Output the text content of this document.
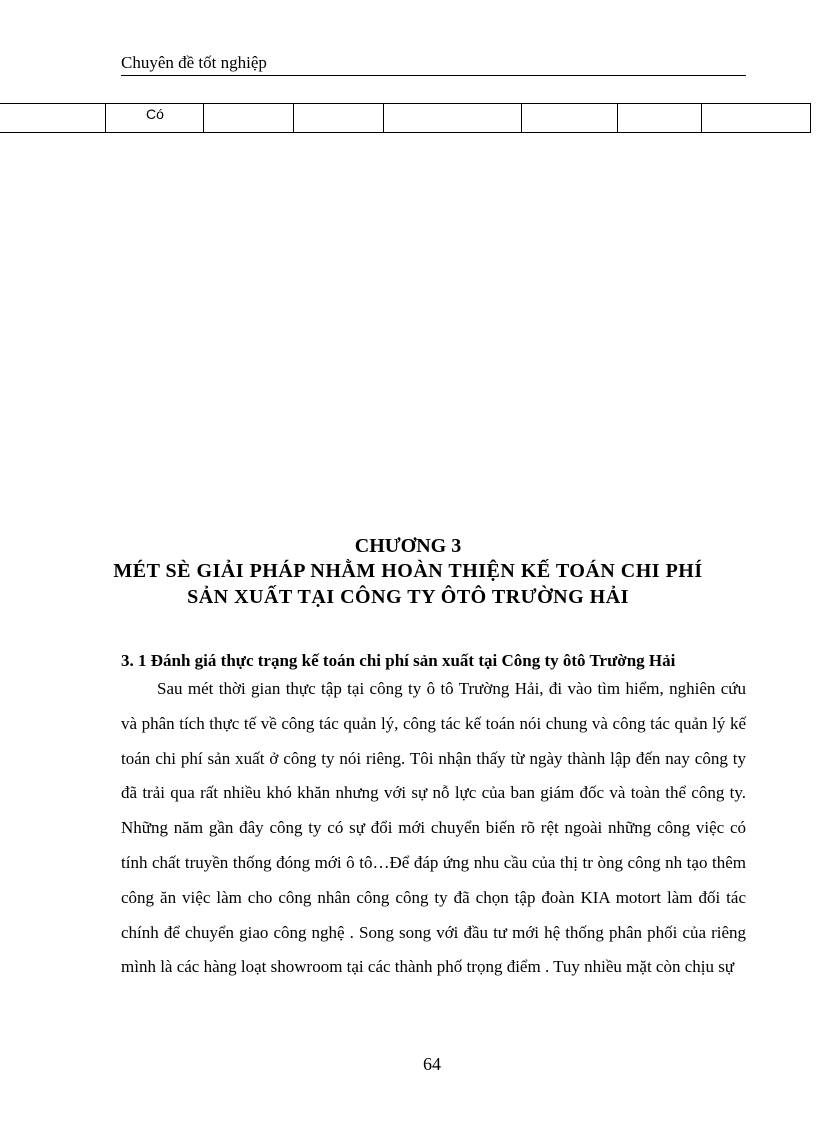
Chuyên đề tốt nghiệp
Có
CHƯƠNG 3
MÉT SÈ GIẢI PHÁP NHẰM HOÀN THIỆN KẾ TOÁN CHI PHÍ
SẢN XUẤT TẠI CÔNG TY ÔTÔ TRƯỜNG HẢI
3. 1 Đánh giá thực trạng kế toán chi phí sản xuất tại Công ty ôtô Trường Hải

Sau mét thời gian thực tập tại công ty ô tô Trường Hải, đi vào tìm hiểm, nghiên cứu và phân tích thực tế về công tác quản lý, công tác kế toán nói chung và công tác quản lý kế toán chi phí sản xuất ở công ty nói riêng. Tôi nhận thấy từ ngày thành lập đến nay công ty đã trải qua rất nhiều khó khăn nhưng với sự nỗ lực của ban giám đốc và toàn thể công ty. Những năm gần đây công ty có sự đổi mới chuyển biến rõ rệt ngoài những công việc có tính chất truyền thống đóng mới ô tô…Để đáp ứng nhu cầu của thị tr òng công nh tạo thêm công ăn việc làm cho công nhân công công ty đã chọn tập đoàn KIA motort làm đối tác chính để chuyển giao công nghệ . Song song với đầu tư mới hệ thống phân phối của riêng mình là các hàng loạt showroom tại các thành phố trọng điểm . Tuy nhiều mặt còn chịu sự

64
